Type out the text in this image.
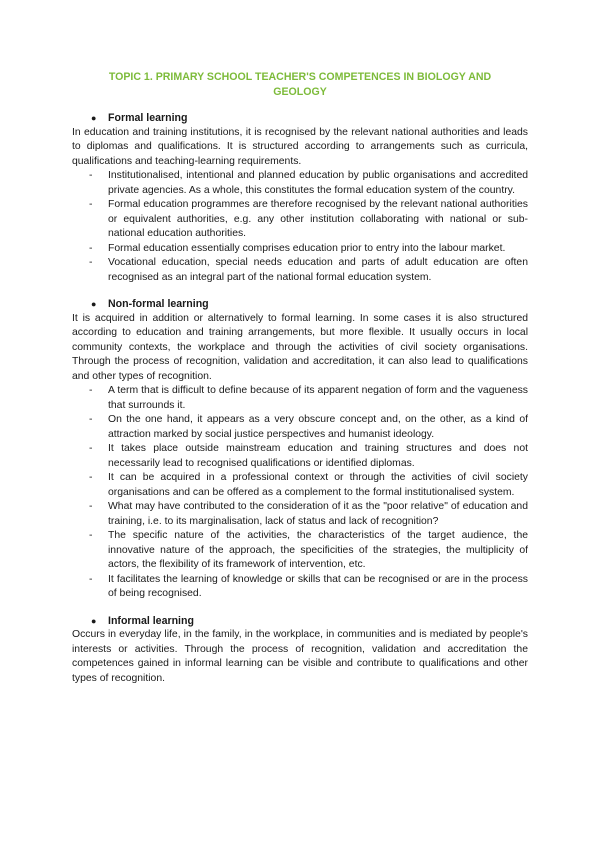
TOPIC 1. PRIMARY SCHOOL TEACHER'S COMPETENCES IN BIOLOGY AND GEOLOGY
●	Formal learning

In education and training institutions, it is recognised by the relevant national authorities and leads to diplomas and qualifications. It is structured according to arrangements such as curricula, qualifications and teaching-learning requirements.

- Institutionalised, intentional and planned education by public organisations and accredited private agencies. As a whole, this constitutes the formal education system of the country.
- Formal education programmes are therefore recognised by the relevant national authorities or equivalent authorities, e.g. any other institution collaborating with national or sub-national education authorities.
- Formal education essentially comprises education prior to entry into the labour market.
- Vocational education, special needs education and parts of adult education are often recognised as an integral part of the national formal education system.
●	Non-formal learning

It is acquired in addition or alternatively to formal learning. In some cases it is also structured according to education and training arrangements, but more flexible. It usually occurs in local community contexts, the workplace and through the activities of civil society organisations. Through the process of recognition, validation and accreditation, it can also lead to qualifications and other types of recognition.

- A term that is difficult to define because of its apparent negation of form and the vagueness that surrounds it.
- On the one hand, it appears as a very obscure concept and, on the other, as a kind of attraction marked by social justice perspectives and humanist ideology.
- It takes place outside mainstream education and training structures and does not necessarily lead to recognised qualifications or identified diplomas.
- It can be acquired in a professional context or through the activities of civil society organisations and can be offered as a complement to the formal institutionalised system.
- What may have contributed to the consideration of it as the "poor relative" of education and training, i.e. to its marginalisation, lack of status and lack of recognition?
- The specific nature of the activities, the characteristics of the target audience, the innovative nature of the approach, the specificities of the strategies, the multiplicity of actors, the flexibility of its framework of intervention, etc.
- It facilitates the learning of knowledge or skills that can be recognised or are in the process of being recognised.
●	Informal learning

Occurs in everyday life, in the family, in the workplace, in communities and is mediated by people's interests or activities. Through the process of recognition, validation and accreditation the competences gained in informal learning can be visible and contribute to qualifications and other types of recognition.
